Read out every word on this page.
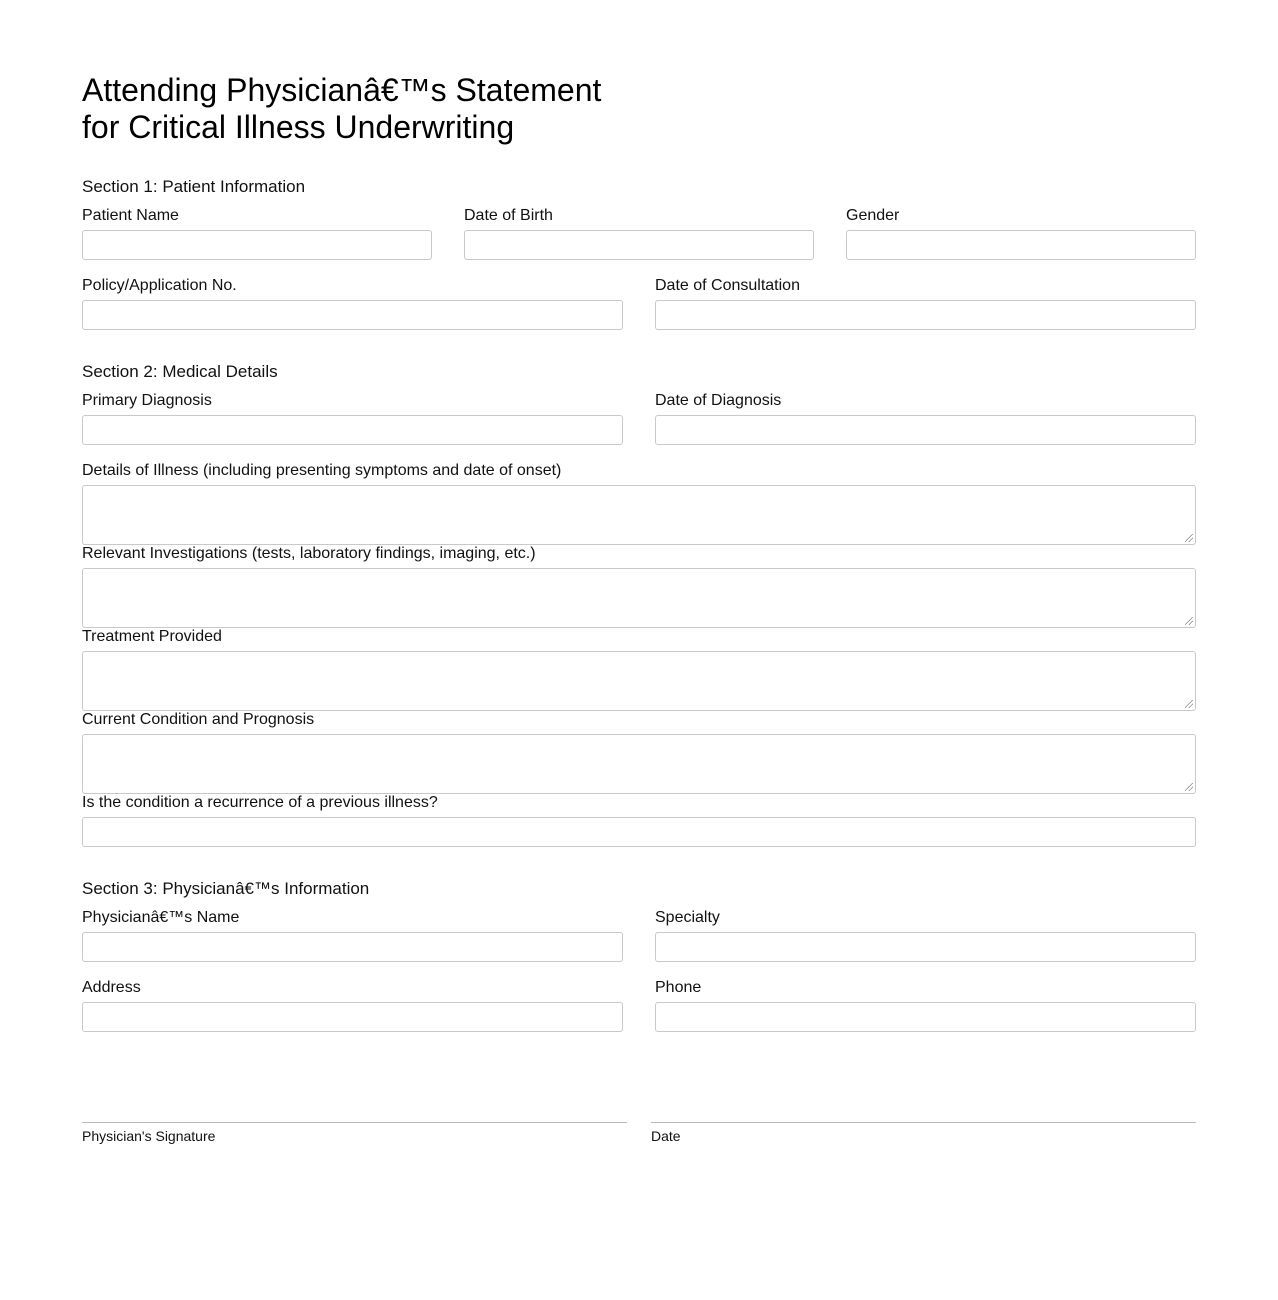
Attending Physicianâ€™s Statement
for Critical Illness Underwriting
Section 1: Patient Information
Patient Name	Date of Birth	Gender
Policy/Application No.	Date of Consultation
Section 2: Medical Details
Primary Diagnosis	Date of Diagnosis
Details of Illness (including presenting symptoms and date of onset)
Relevant Investigations (tests, laboratory findings, imaging, etc.)
Treatment Provided
Current Condition and Prognosis
Is the condition a recurrence of a previous illness?
Section 3: Physicianâ€™s Information
Physicianâ€™s Name	Specialty
Address	Phone
Physician's Signature	Date
